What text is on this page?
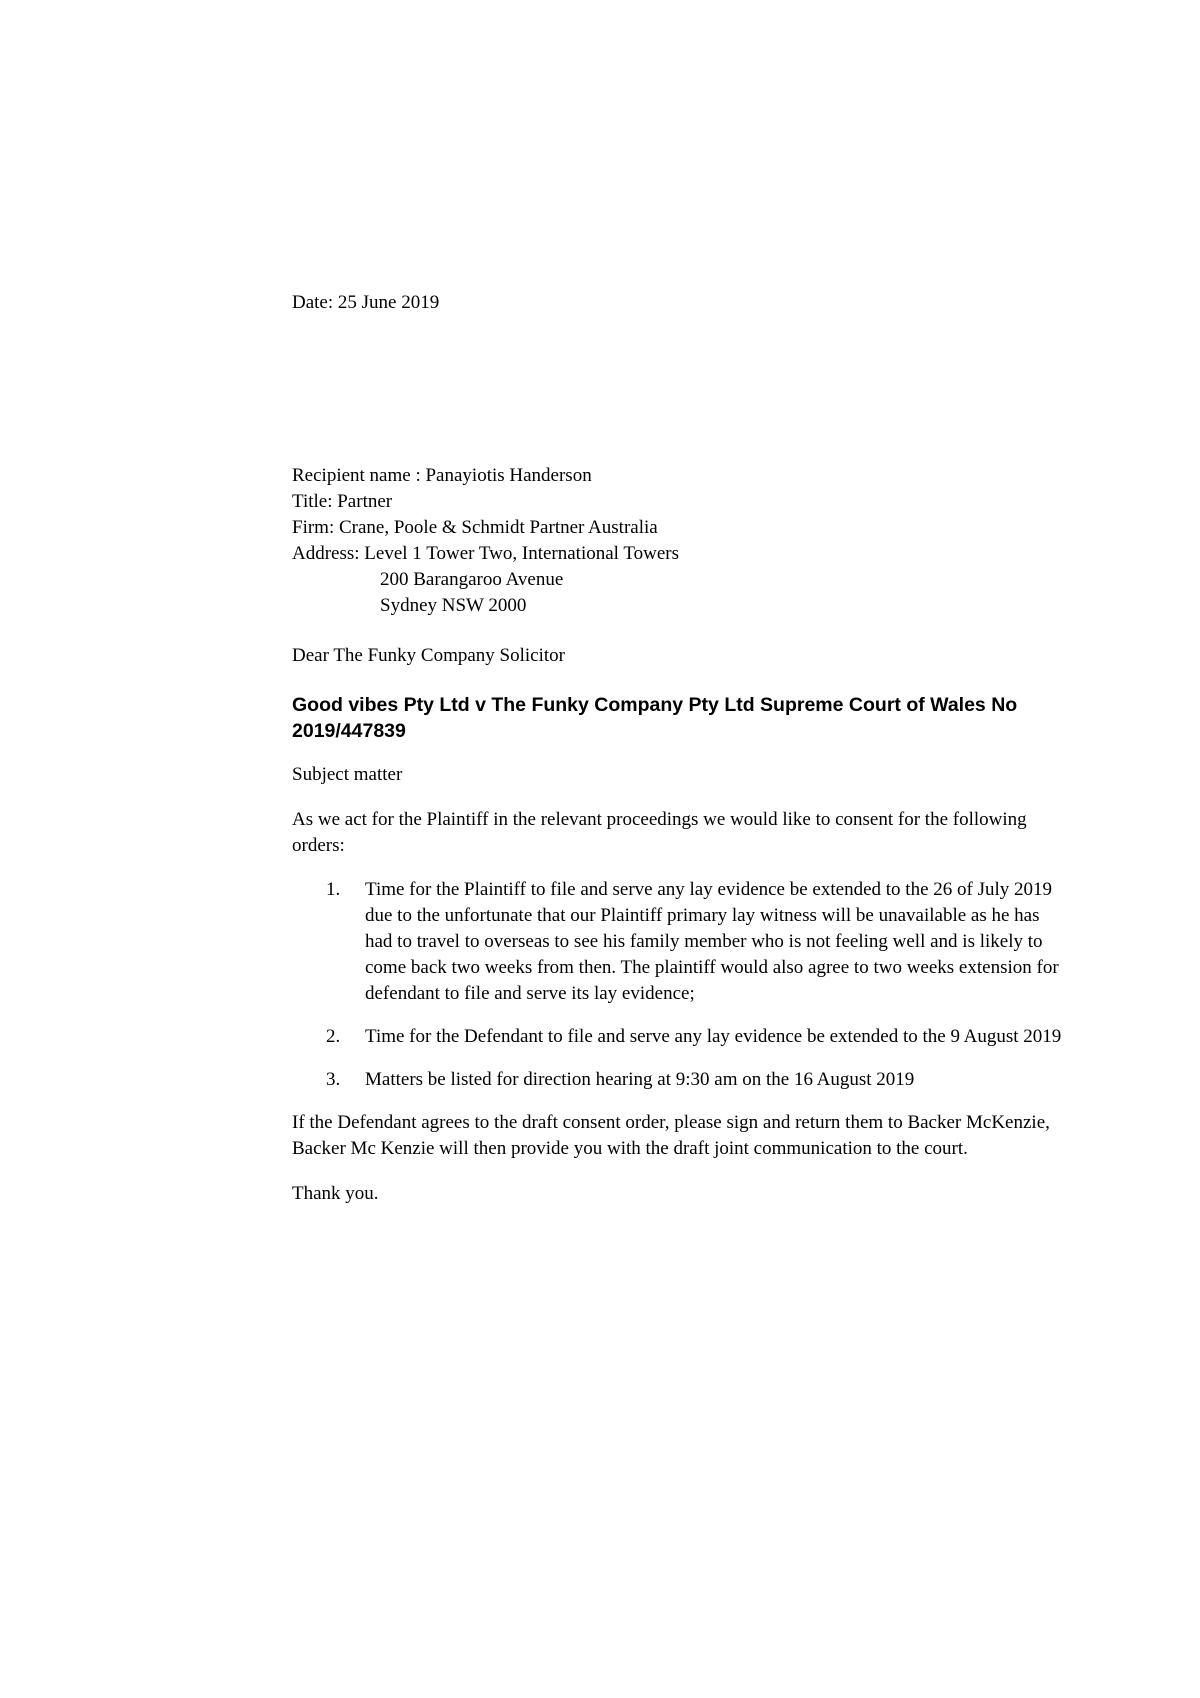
Date: 25 June 2019

Recipient name : Panayiotis Handerson

Title: Partner

Firm: Crane, Poole & Schmidt Partner Australia

Address: Level 1 Tower Two, International Towers

200 Barangaroo Avenue

Sydney NSW 2000

Dear The Funky Company Solicitor

Good vibes Pty Ltd v The Funky Company Pty Ltd Supreme Court of Wales No 2019/447839

Subject matter

As we act for the Plaintiff in the relevant proceedings we would like to consent for the following orders:

1. Time for the Plaintiff to file and serve any lay evidence be extended to the 26 of July 2019 due to the unfortunate that our Plaintiff primary lay witness will be unavailable as he has had to travel to overseas to see his family member who is not feeling well and is likely to come back two weeks from then. The plaintiff would also agree to two weeks extension for defendant to file and serve its lay evidence;
2. Time for the Defendant to file and serve any lay evidence be extended to the 9 August 2019
3. Matters be listed for direction hearing at 9:30 am on the 16 August 2019

If the Defendant agrees to the draft consent order, please sign and return them to Backer McKenzie, Backer Mc Kenzie will then provide you with the draft joint communication to the court.

Thank you.
